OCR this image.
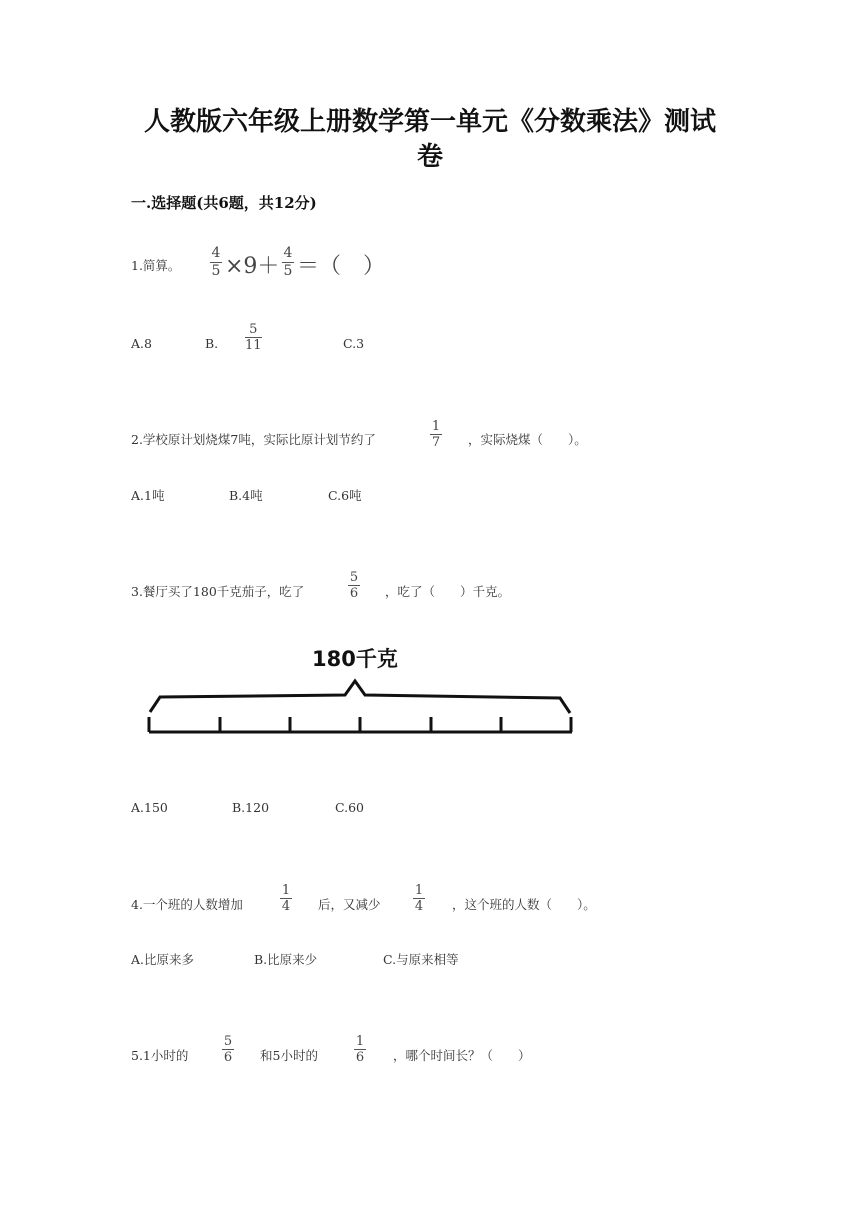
人教版六年级上册数学第一单元《分数乘法》测试
卷
一.选择题(共6题，共12分)
1.简算。
4
5 ×9＋
4
5 ＝（　）
A.8	B.
5
11	C.3
2.学校原计划烧煤7吨，实际比原计划节约了
1
7 ，实际烧煤（　　）。
A.1吨	B.4吨	C.6吨
3.餐厅买了180千克茄子，吃了
5
6 ，吃了（　　）千克。
180千克
A.150	B.120	C.60
4.一个班的人数增加
1
4 后，又减少
1
4 ，这个班的人数（　　）。
A.比原来多	B.比原来少	C.与原来相等
5.1小时的
5
6 和5小时的
1
6 ，哪个时间长？（　　）
